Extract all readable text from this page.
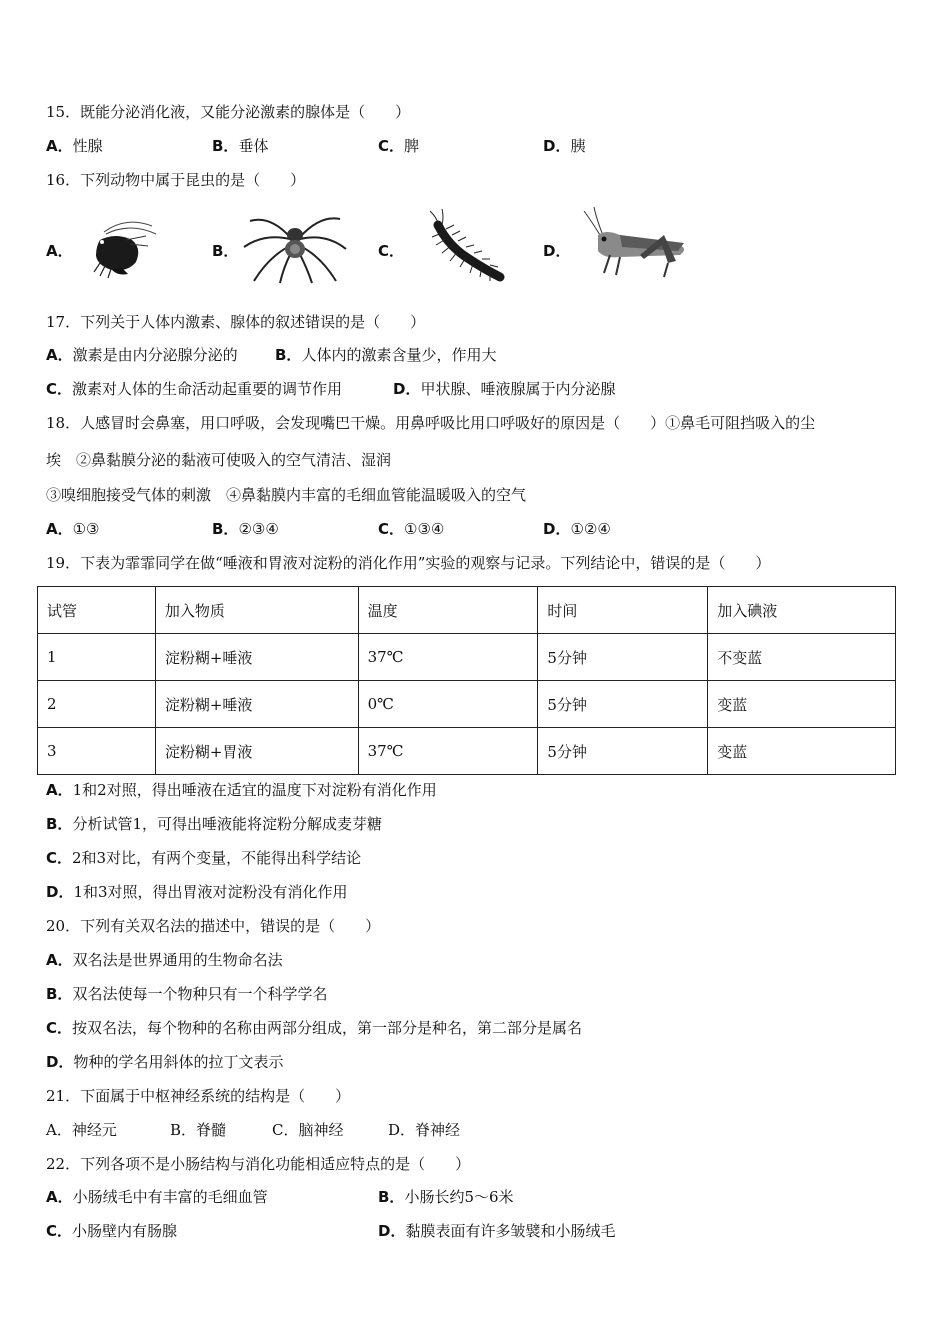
15．既能分泌消化液，又能分泌激素的腺体是（　　）
A．性腺	B．垂体	C．脾	D．胰
16．下列动物中属于昆虫的是（　　）
A．	B．	C．	D．
17．下列关于人体内激素、腺体的叙述错误的是（　　）
A．激素是由内分泌腺分泌的 B．人体内的激素含量少，作用大
C．激素对人体的生命活动起重要的调节作用	D．甲状腺、唾液腺属于内分泌腺
18．人感冒时会鼻塞，用口呼吸，会发现嘴巴干燥。用鼻呼吸比用口呼吸好的原因是（　　）①鼻毛可阻挡吸入的尘
埃　②鼻黏膜分泌的黏液可使吸入的空气清洁、湿润
③嗅细胞接受气体的刺激　④鼻黏膜内丰富的毛细血管能温暖吸入的空气
A．①③	B．②③④	C．①③④	D．①②④
19．下表为霏霏同学在做“唾液和胃液对淀粉的消化作用”实验的观察与记录。下列结论中，错误的是（　　）
试管	加入物质	温度	时间	加入碘液
1	淀粉糊+唾液	37℃	5分钟	不变蓝
2	淀粉糊+唾液	0℃	5分钟	变蓝
3	淀粉糊+胃液	37℃	5分钟	变蓝
A．1和2对照，得出唾液在适宜的温度下对淀粉有消化作用
B．分析试管1，可得出唾液能将淀粉分解成麦芽糖
C．2和3对比，有两个变量，不能得出科学结论
D．1和3对照，得出胃液对淀粉没有消化作用
20．下列有关双名法的描述中，错误的是（　　）
A．双名法是世界通用的生物命名法
B．双名法使每一个物种只有一个科学学名
C．按双名法，每个物种的名称由两部分组成，第一部分是种名，第二部分是属名
D．物种的学名用斜体的拉丁文表示
21．下面属于中枢神经系统的结构是（　　）
A．神经元	B．脊髓	C．脑神经	D．脊神经
22．下列各项不是小肠结构与消化功能相适应特点的是（　　）
A．小肠绒毛中有丰富的毛细血管	B．小肠长约5～6米
C．小肠壁内有肠腺	D．黏膜表面有许多皱襞和小肠绒毛
